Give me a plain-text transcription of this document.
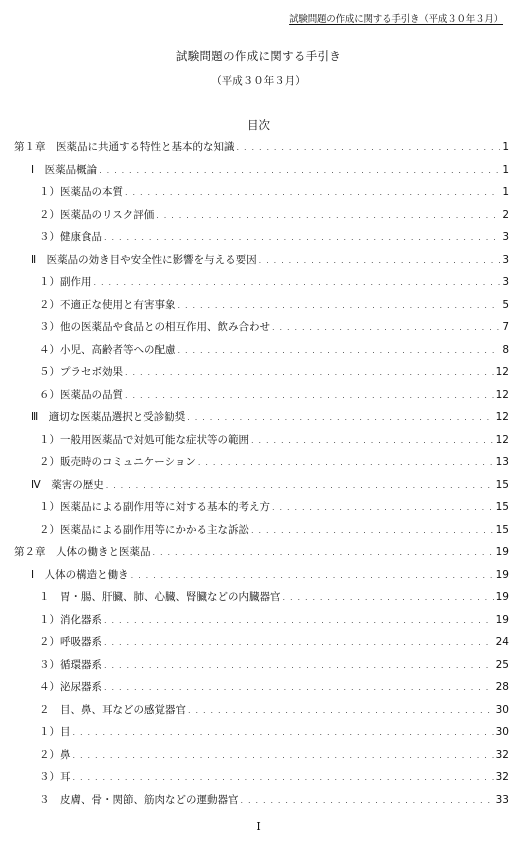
試験問題の作成に関する手引き（平成３０年３月）
試験問題の作成に関する手引き
（平成３０年３月）
目次
第１章　医薬品に共通する特性と基本的な知識 . . .	1
Ⅰ　医薬品概論 . . .	1
１）医薬品の本質 . . .	1
２）医薬品のリスク評価 . . .	2
３）健康食品 . . .	3
Ⅱ　医薬品の効き目や安全性に影響を与える要因 . . .	3
１）副作用 . . .	3
２）不適正な使用と有害事象 . . .	5
３）他の医薬品や食品との相互作用、飲み合わせ . . .	7
４）小児、高齢者等への配慮 . . .	8
５）プラセボ効果 . . .	12
６）医薬品の品質 . . .	12
Ⅲ　適切な医薬品選択と受診勧奨 . . .	12
１）一般用医薬品で対処可能な症状等の範囲 . . .	12
２）販売時のコミュニケーション . . .	13
Ⅳ　薬害の歴史 . . .	15
１）医薬品による副作用等に対する基本的考え方 . . .	15
２）医薬品による副作用等にかかる主な訴訟 . . .	15
第２章　人体の働きと医薬品 . . .	19
Ⅰ　人体の構造と働き . . .	19
１　胃・腸、肝臓、肺、心臓、腎臓などの内臓器官 . . .	19
１）消化器系 . . .	19
２）呼吸器系 . . .	24
３）循環器系 . . .	25
４）泌尿器系 . . .	28
２　目、鼻、耳などの感覚器官 . . .	30
１）目 . . .	30
２）鼻 . . .	32
３）耳 . . .	32
３　皮膚、骨・関節、筋肉などの運動器官 . . .	33
I
